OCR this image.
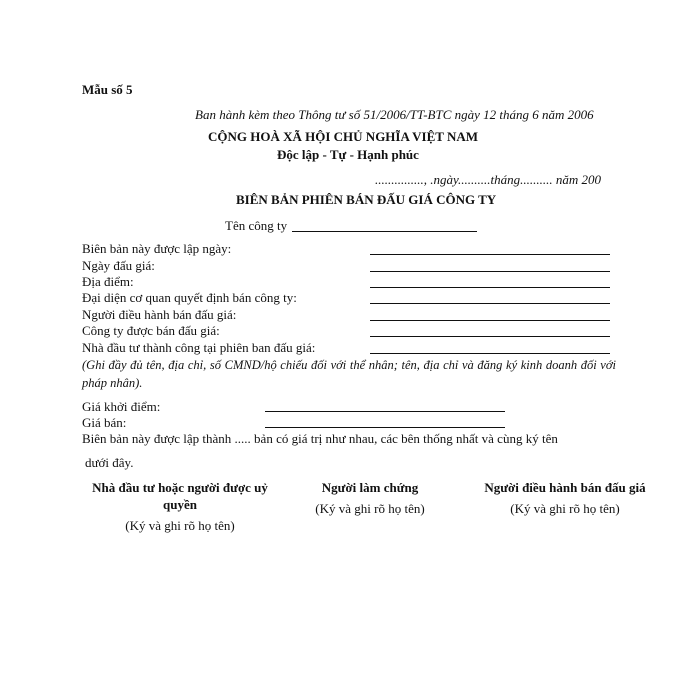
Mẫu số 5
Ban hành kèm theo Thông tư số 51/2006/TT-BTC ngày 12 tháng 6 năm 2006
CỘNG HOÀ XÃ HỘI CHỦ NGHĨA VIỆT NAM
Độc lập - Tự - Hạnh phúc
..............., .ngày..........tháng.......... năm 200
BIÊN BẢN PHIÊN BÁN ĐẤU GIÁ CÔNG TY
Tên công ty
Biên bản này được lập ngày:
Ngày đấu giá:
Địa điểm:
Đại diện cơ quan quyết định bán công ty:
Người điều hành bán đấu giá:
Công ty được bán đấu giá:
Nhà đầu tư thành công tại phiên ban đấu giá:
(Ghi đầy đủ tên, địa chỉ, số CMND/hộ chiếu đối với thể nhân; tên, địa chỉ và đăng ký kinh doanh đối với pháp nhân).
Giá khởi điểm:
Giá bán:
Biên bản này được lập thành ..... bản có giá trị như nhau, các bên thống nhất và cùng ký tên
dưới đây.
Nhà đầu tư hoặc người được uỷ quyền
(Ký và ghi rõ họ tên)
Người làm chứng
(Ký và ghi rõ họ tên)
Người điều hành bán đấu giá
(Ký và ghi rõ họ tên)
